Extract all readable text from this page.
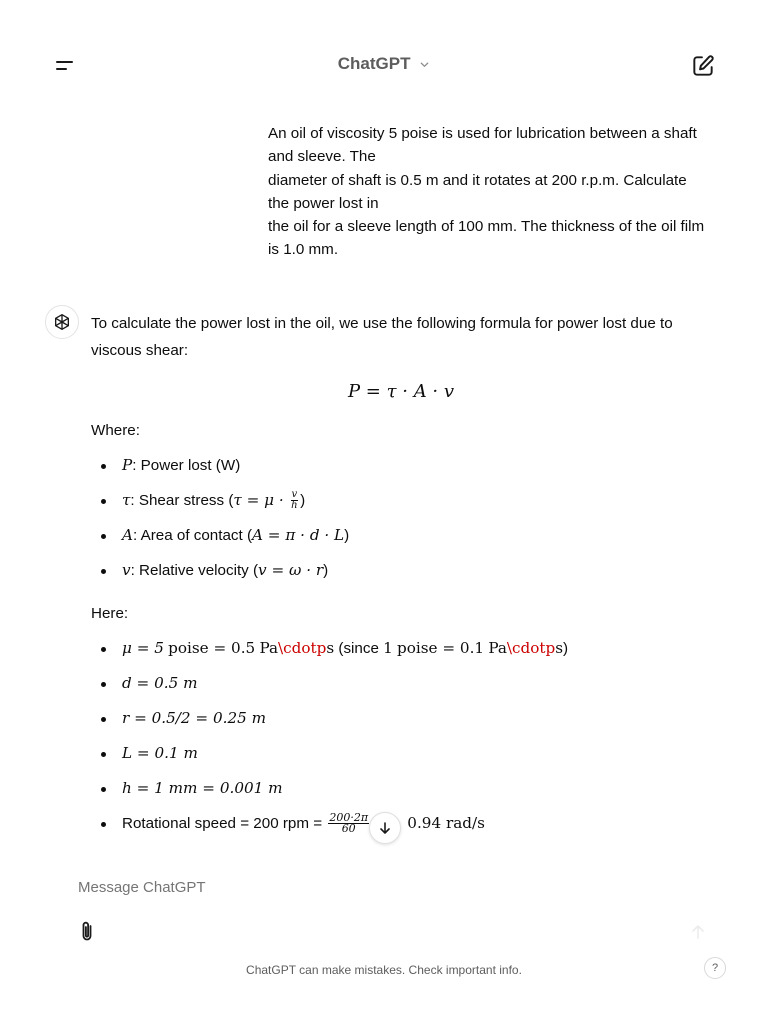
ChatGPT

An oil of viscosity 5 poise is used for lubrication between a shaft and sleeve. The

diameter of shaft is 0.5 m and it rotates at 200 r.p.m. Calculate the power lost in

the oil for a sleeve length of 100 mm. The thickness of the oil film is 1.0 mm.

To calculate the power lost in the oil, we use the following formula for power lost due to viscous shear:

P = τ · A · v

Where:

P: Power lost (W)
τ: Shear stress ($\tau = \mu \cdot \frac{v}{h}$ )
A: Area of contact (A = π · d · L)
v: Relative velocity (v = ω · r)

Here:

μ = 5 poise = 0.5 Pa\cdotps (since 1 poise = 0.1 Pa\cdotps)
d = 0.5 m
r = 0.5/2 = 0.25 m
L = 0.1 m
h = 1 mm = 0.001 m
Rotational speed = 200 rpm = $\frac{200\cdot 2\pi}{60}$	0.94 rad/s
Message ChatGPT
ChatGPT can make mistakes. Check important info.	?
